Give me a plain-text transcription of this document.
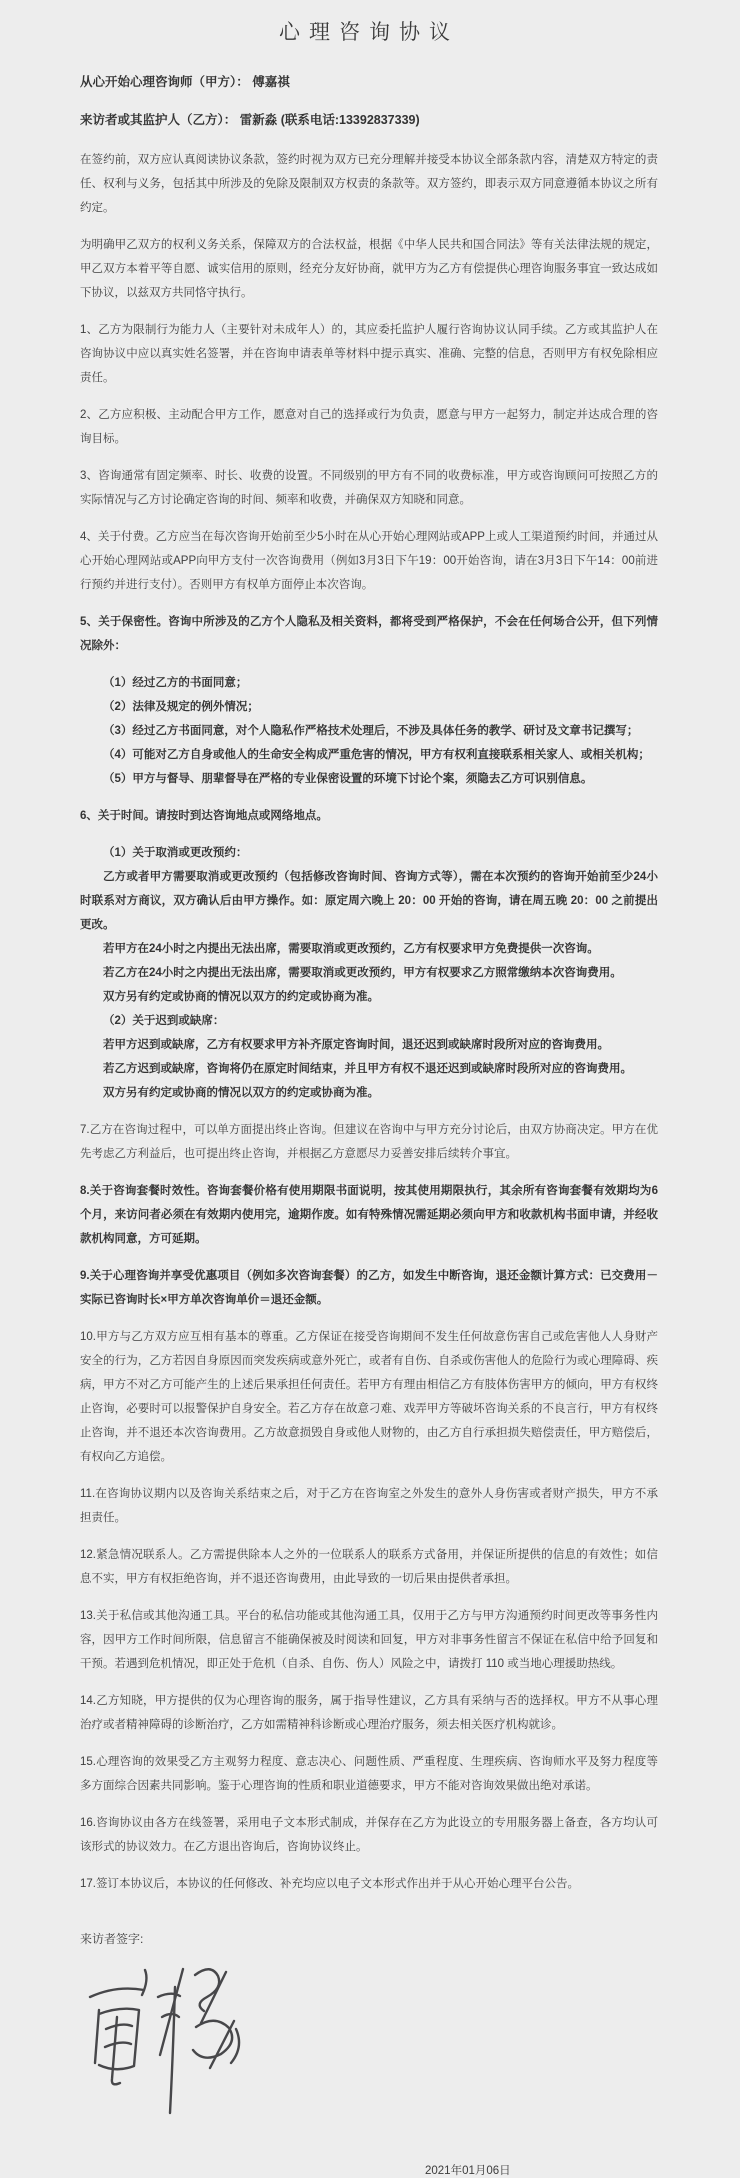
心理咨询协议
从心开始心理咨询师（甲方）： 傅嘉祺
来访者或其监护人（乙方）： 雷新淼 (联系电话:13392837339)

在签约前，双方应认真阅读协议条款，签约时视为双方已充分理解并接受本协议全部条款内容，清楚双方特定的责任、权利与义务，包括其中所涉及的免除及限制双方权责的条款等。双方签约，即表示双方同意遵循本协议之所有约定。

为明确甲乙双方的权利义务关系，保障双方的合法权益，根据《中华人民共和国合同法》等有关法律法规的规定，甲乙双方本着平等自愿、诚实信用的原则，经充分友好协商，就甲方为乙方有偿提供心理咨询服务事宜一致达成如下协议，以兹双方共同恪守执行。

1、乙方为限制行为能力人（主要针对未成年人）的，其应委托监护人履行咨询协议认同手续。乙方或其监护人在咨询协议中应以真实姓名签署，并在咨询申请表单等材料中提示真实、准确、完整的信息，否则甲方有权免除相应责任。

2、乙方应积极、主动配合甲方工作，愿意对自己的选择或行为负责，愿意与甲方一起努力，制定并达成合理的咨询目标。

3、咨询通常有固定频率、时长、收费的设置。不同级别的甲方有不同的收费标准，甲方或咨询顾问可按照乙方的实际情况与乙方讨论确定咨询的时间、频率和收费，并确保双方知晓和同意。

4、关于付费。乙方应当在每次咨询开始前至少5小时在从心开始心理网站或APP上或人工渠道预约时间，并通过从心开始心理网站或APP向甲方支付一次咨询费用（例如3月3日下午19：00开始咨询，请在3月3日下午14：00前进行预约并进行支付）。否则甲方有权单方面停止本次咨询。

5、关于保密性。咨询中所涉及的乙方个人隐私及相关资料，都将受到严格保护，不会在任何场合公开，但下列情况除外：

（1）经过乙方的书面同意；

（2）法律及规定的例外情况；

（3）经过乙方书面同意，对个人隐私作严格技术处理后，不涉及具体任务的教学、研讨及文章书记撰写；

（4）可能对乙方自身或他人的生命安全构成严重危害的情况，甲方有权利直接联系相关家人、或相关机构；

（5）甲方与督导、朋辈督导在严格的专业保密设置的环境下讨论个案，须隐去乙方可识别信息。

6、关于时间。请按时到达咨询地点或网络地点。

（1）关于取消或更改预约：

乙方或者甲方需要取消或更改预约（包括修改咨询时间、咨询方式等），需在本次预约的咨询开始前至少24小时联系对方商议，双方确认后由甲方操作。如：原定周六晚上 20：00 开始的咨询，请在周五晚 20：00 之前提出更改。

若甲方在24小时之内提出无法出席，需要取消或更改预约，乙方有权要求甲方免费提供一次咨询。

若乙方在24小时之内提出无法出席，需要取消或更改预约，甲方有权要求乙方照常缴纳本次咨询费用。

双方另有约定或协商的情况以双方的约定或协商为准。

（2）关于迟到或缺席：

若甲方迟到或缺席，乙方有权要求甲方补齐原定咨询时间，退还迟到或缺席时段所对应的咨询费用。

若乙方迟到或缺席，咨询将仍在原定时间结束，并且甲方有权不退还迟到或缺席时段所对应的咨询费用。

双方另有约定或协商的情况以双方的约定或协商为准。

7.乙方在咨询过程中，可以单方面提出终止咨询。但建议在咨询中与甲方充分讨论后，由双方协商决定。甲方在优先考虑乙方利益后，也可提出终止咨询，并根据乙方意愿尽力妥善安排后续转介事宜。

8.关于咨询套餐时效性。咨询套餐价格有使用期限书面说明，按其使用期限执行，其余所有咨询套餐有效期均为6个月，来访问者必须在有效期内使用完，逾期作废。如有特殊情况需延期必须向甲方和收款机构书面申请，并经收款机构同意，方可延期。

9.关于心理咨询并享受优惠项目（例如多次咨询套餐）的乙方，如发生中断咨询，退还金额计算方式：已交费用－实际已咨询时长×甲方单次咨询单价＝退还金额。

10.甲方与乙方双方应互相有基本的尊重。乙方保证在接受咨询期间不发生任何故意伤害自己或危害他人人身财产安全的行为，乙方若因自身原因而突发疾病或意外死亡，或者有自伤、自杀或伤害他人的危险行为或心理障碍、疾病，甲方不对乙方可能产生的上述后果承担任何责任。若甲方有理由相信乙方有肢体伤害甲方的倾向，甲方有权终止咨询，必要时可以报警保护自身安全。若乙方存在故意刁难、戏弄甲方等破坏咨询关系的不良言行，甲方有权终止咨询，并不退还本次咨询费用。乙方故意损毁自身或他人财物的，由乙方自行承担损失赔偿责任，甲方赔偿后，有权向乙方追偿。

11.在咨询协议期内以及咨询关系结束之后，对于乙方在咨询室之外发生的意外人身伤害或者财产损失，甲方不承担责任。

12.紧急情况联系人。乙方需提供除本人之外的一位联系人的联系方式备用，并保证所提供的信息的有效性；如信息不实，甲方有权拒绝咨询，并不退还咨询费用，由此导致的一切后果由提供者承担。

13.关于私信或其他沟通工具。平台的私信功能或其他沟通工具，仅用于乙方与甲方沟通预约时间更改等事务性内容，因甲方工作时间所限，信息留言不能确保被及时阅读和回复，甲方对非事务性留言不保证在私信中给予回复和干预。若遇到危机情况，即正处于危机（自杀、自伤、伤人）风险之中，请拨打 110 或当地心理援助热线。

14.乙方知晓，甲方提供的仅为心理咨询的服务，属于指导性建议，乙方具有采纳与否的选择权。甲方不从事心理治疗或者精神障碍的诊断治疗，乙方如需精神科诊断或心理治疗服务，须去相关医疗机构就诊。

15.心理咨询的效果受乙方主观努力程度、意志决心、问题性质、严重程度、生理疾病、咨询师水平及努力程度等多方面综合因素共同影响。鉴于心理咨询的性质和职业道德要求，甲方不能对咨询效果做出绝对承诺。

16.咨询协议由各方在线签署，采用电子文本形式制成，并保存在乙方为此设立的专用服务器上备查，各方均认可该形式的协议效力。在乙方退出咨询后，咨询协议终止。

17.签订本协议后，本协议的任何修改、补充均应以电子文本形式作出并于从心开始心理平台公告。

来访者签字:
2021年01月06日
